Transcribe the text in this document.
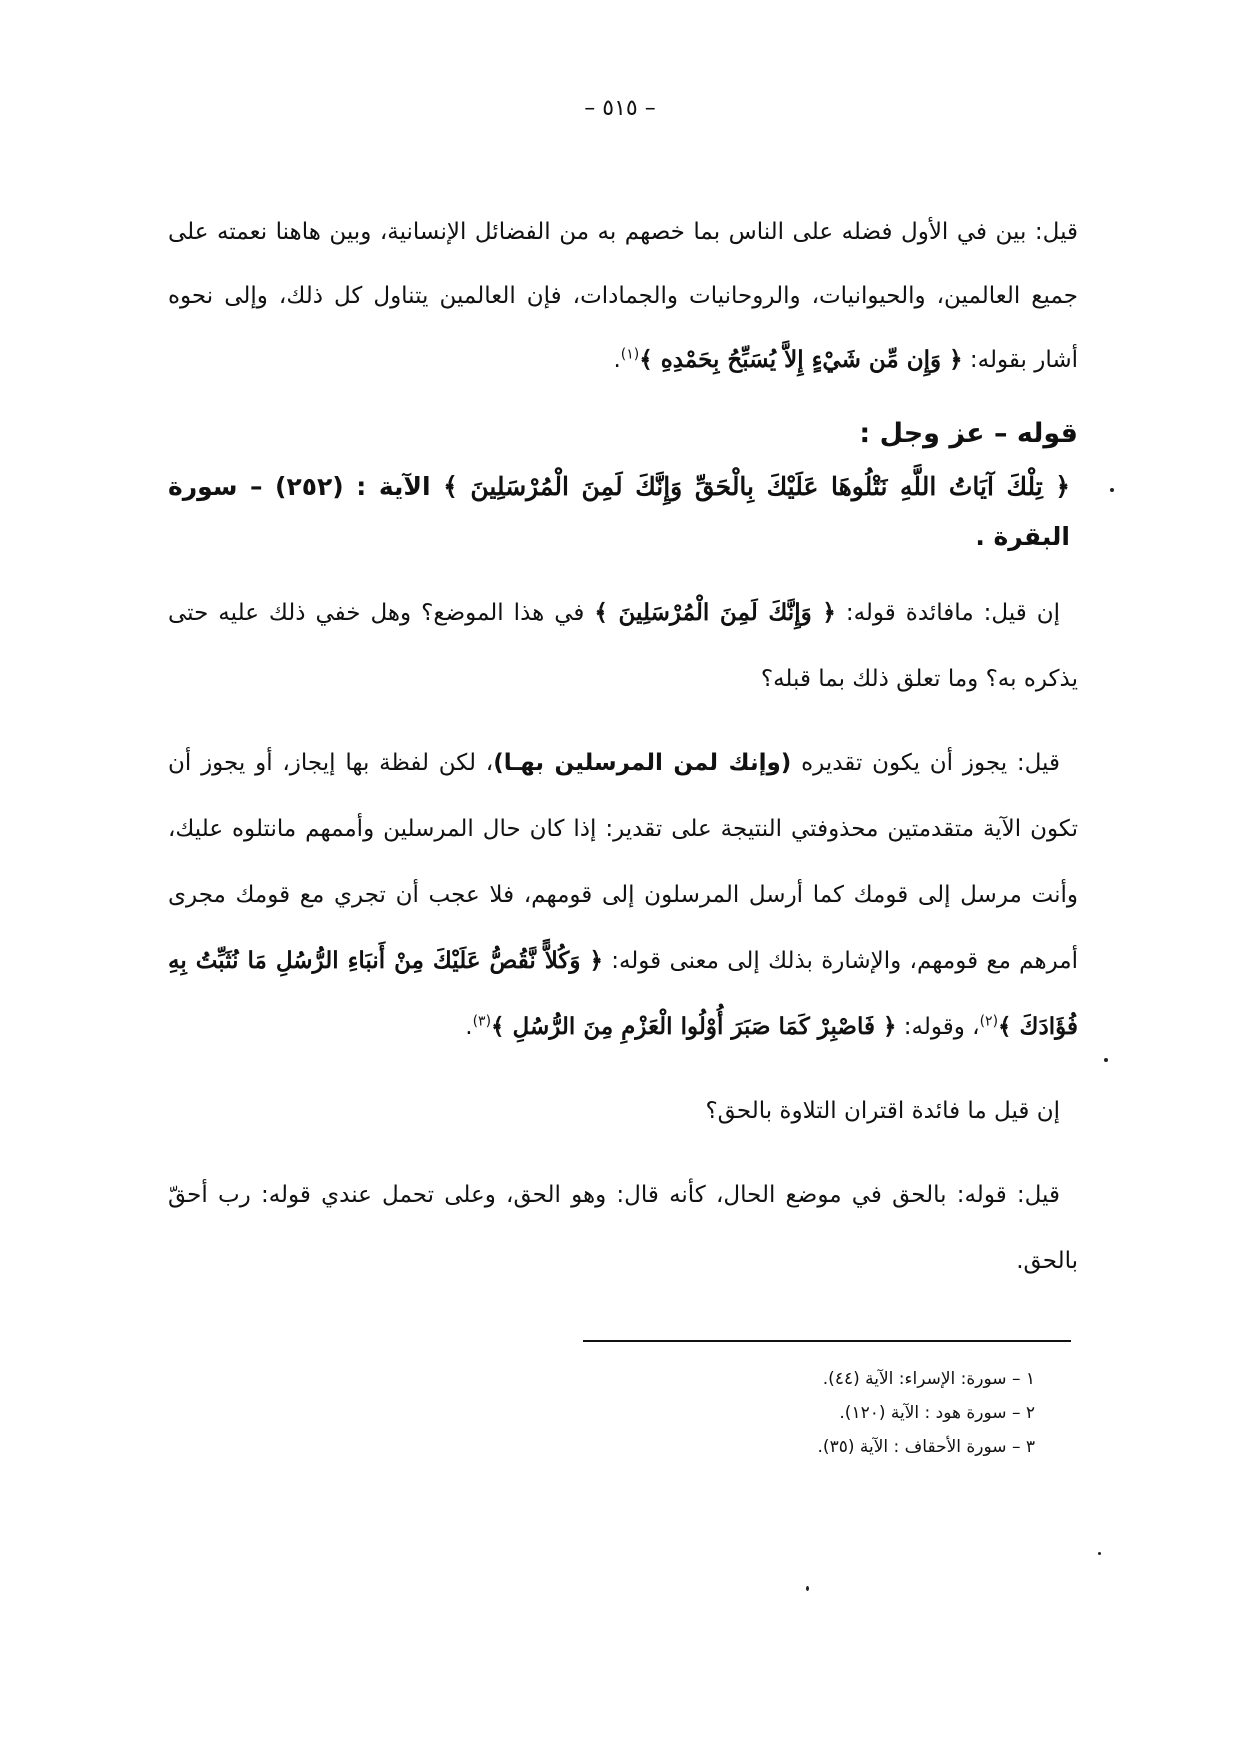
– ٥١٥ –

قيل: بين في الأول فضله على الناس بما خصهم به من الفضائل الإنسانية، وبين هاهنا نعمته على جميع العالمين، والحيوانيات، والروحانيات والجمادات، فإن العالمين يتناول كل ذلك، وإلى نحوه أشار بقوله: ﴿ وَإِن مِّن شَيْءٍ إِلاَّ يُسَبِّحُ بِحَمْدِهِ ﴾$^{(١)}$.

قوله – عز وجل :

﴿ تِلْكَ آيَاتُ اللَّهِ نَتْلُوهَا عَلَيْكَ بِالْحَقِّ وَإِنَّكَ لَمِنَ الْمُرْسَلِينَ ﴾ الآية : (٢٥٢) – سورة البقرة .

إن قيل: مافائدة قوله: ﴿ وَإِنَّكَ لَمِنَ الْمُرْسَلِينَ ﴾ في هذا الموضع؟ وهل خفي ذلك عليه حتى يذكره به؟ وما تعلق ذلك بما قبله؟

قيل: يجوز أن يكون تقديره (وإنك لمن المرسلين بهـا)، لكن لفظة بها إيجاز، أو يجوز أن تكون الآية متقدمتين محذوفتي النتيجة على تقدير: إذا كان حال المرسلين وأممهم مانتلوه عليك، وأنت مرسل إلى قومك كما أرسل المرسلون إلى قومهم، فلا عجب أن تجري مع قومك مجرى أمرهم مع قومهم، والإشارة بذلك إلى معنى قوله: ﴿ وَكُلاًّ نَّقُصُّ عَلَيْكَ مِنْ أَنبَاءِ الرُّسُلِ مَا نُثَبِّتُ بِهِ فُؤَادَكَ ﴾$^{(٢)}$، وقوله: ﴿ فَاصْبِرْ كَمَا صَبَرَ أُوْلُوا الْعَزْمِ مِنَ الرُّسُلِ ﴾$^{(٣)}$.

إن قيل ما فائدة اقتران التلاوة بالحق؟

قيل: قوله: بالحق في موضع الحال، كأنه قال: وهو الحق، وعلى تحمل عندي قوله: رب أحقّ بالحق.

١ – سورة: الإسراء: الآية (٤٤).

٢ – سورة هود : الآية (١٢٠).

٣ – سورة الأحقاف : الآية (٣٥).
